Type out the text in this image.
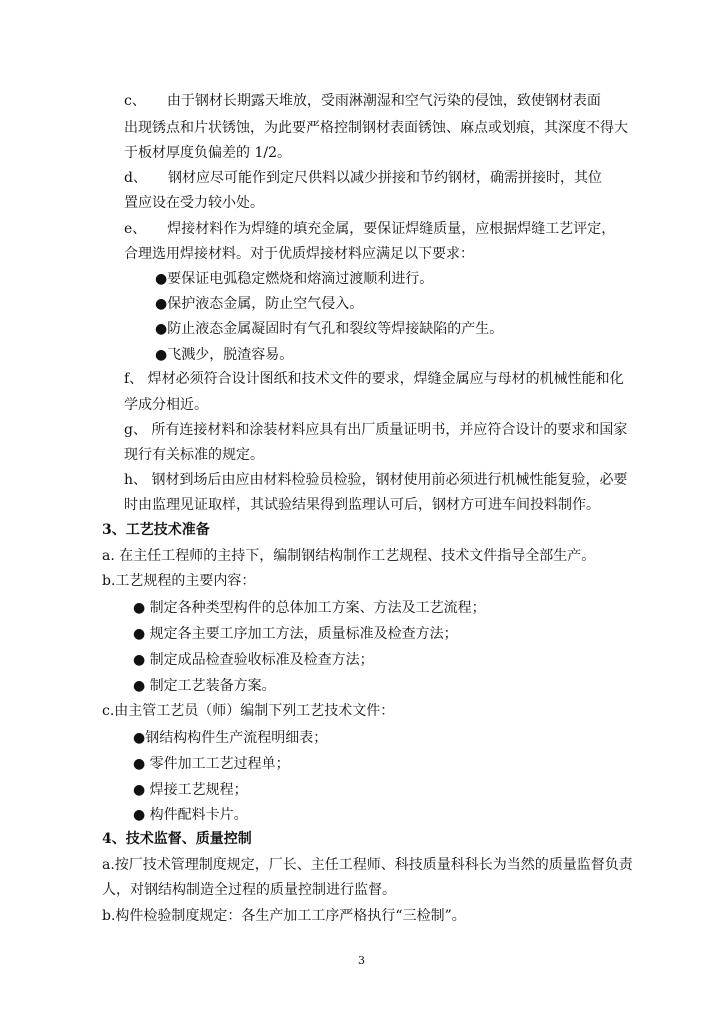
c、　　由于钢材长期露天堆放，受雨淋潮湿和空气污染的侵蚀，致使钢材表面
出现锈点和片状锈蚀，为此要严格控制钢材表面锈蚀、麻点或划痕，其深度不得大
于板材厚度负偏差的 1/2。
d、　　钢材应尽可能作到定尺供料以减少拼接和节约钢材，确需拼接时，其位
置应设在受力较小处。
e、　　焊接材料作为焊缝的填充金属，要保证焊缝质量，应根据焊缝工艺评定，
合理选用焊接材料。对于优质焊接材料应满足以下要求：
●要保证电弧稳定燃烧和熔滴过渡顺利进行。
●保护液态金属，防止空气侵入。
●防止液态金属凝固时有气孔和裂纹等焊接缺陷的产生。
●飞溅少，脱渣容易。
f、 焊材必须符合设计图纸和技术文件的要求，焊缝金属应与母材的机械性能和化
学成分相近。
g、 所有连接材料和涂装材料应具有出厂质量证明书，并应符合设计的要求和国家
现行有关标准的规定。
h、 钢材到场后由应由材料检验员检验，钢材使用前必须进行机械性能复验，必要
时由监理见证取样，其试验结果得到监理认可后，钢材方可进车间投料制作。
3、工艺技术准备
a. 在主任工程师的主持下，编制钢结构制作工艺规程、技术文件指导全部生产。
b.工艺规程的主要内容：
● 制定各种类型构件的总体加工方案、方法及工艺流程；
● 规定各主要工序加工方法，质量标准及检查方法；
● 制定成品检查验收标准及检查方法；
● 制定工艺装备方案。
c.由主管工艺员（师）编制下列工艺技术文件：
●钢结构构件生产流程明细表；
● 零件加工工艺过程单；
● 焊接工艺规程；
● 构件配料卡片。
4、技术监督、质量控制
a.按厂技术管理制度规定，厂长、主任工程师、科技质量科科长为当然的质量监督负责
人，对钢结构制造全过程的质量控制进行监督。
b.构件检验制度规定：各生产加工工序严格执行“三检制”。
3
